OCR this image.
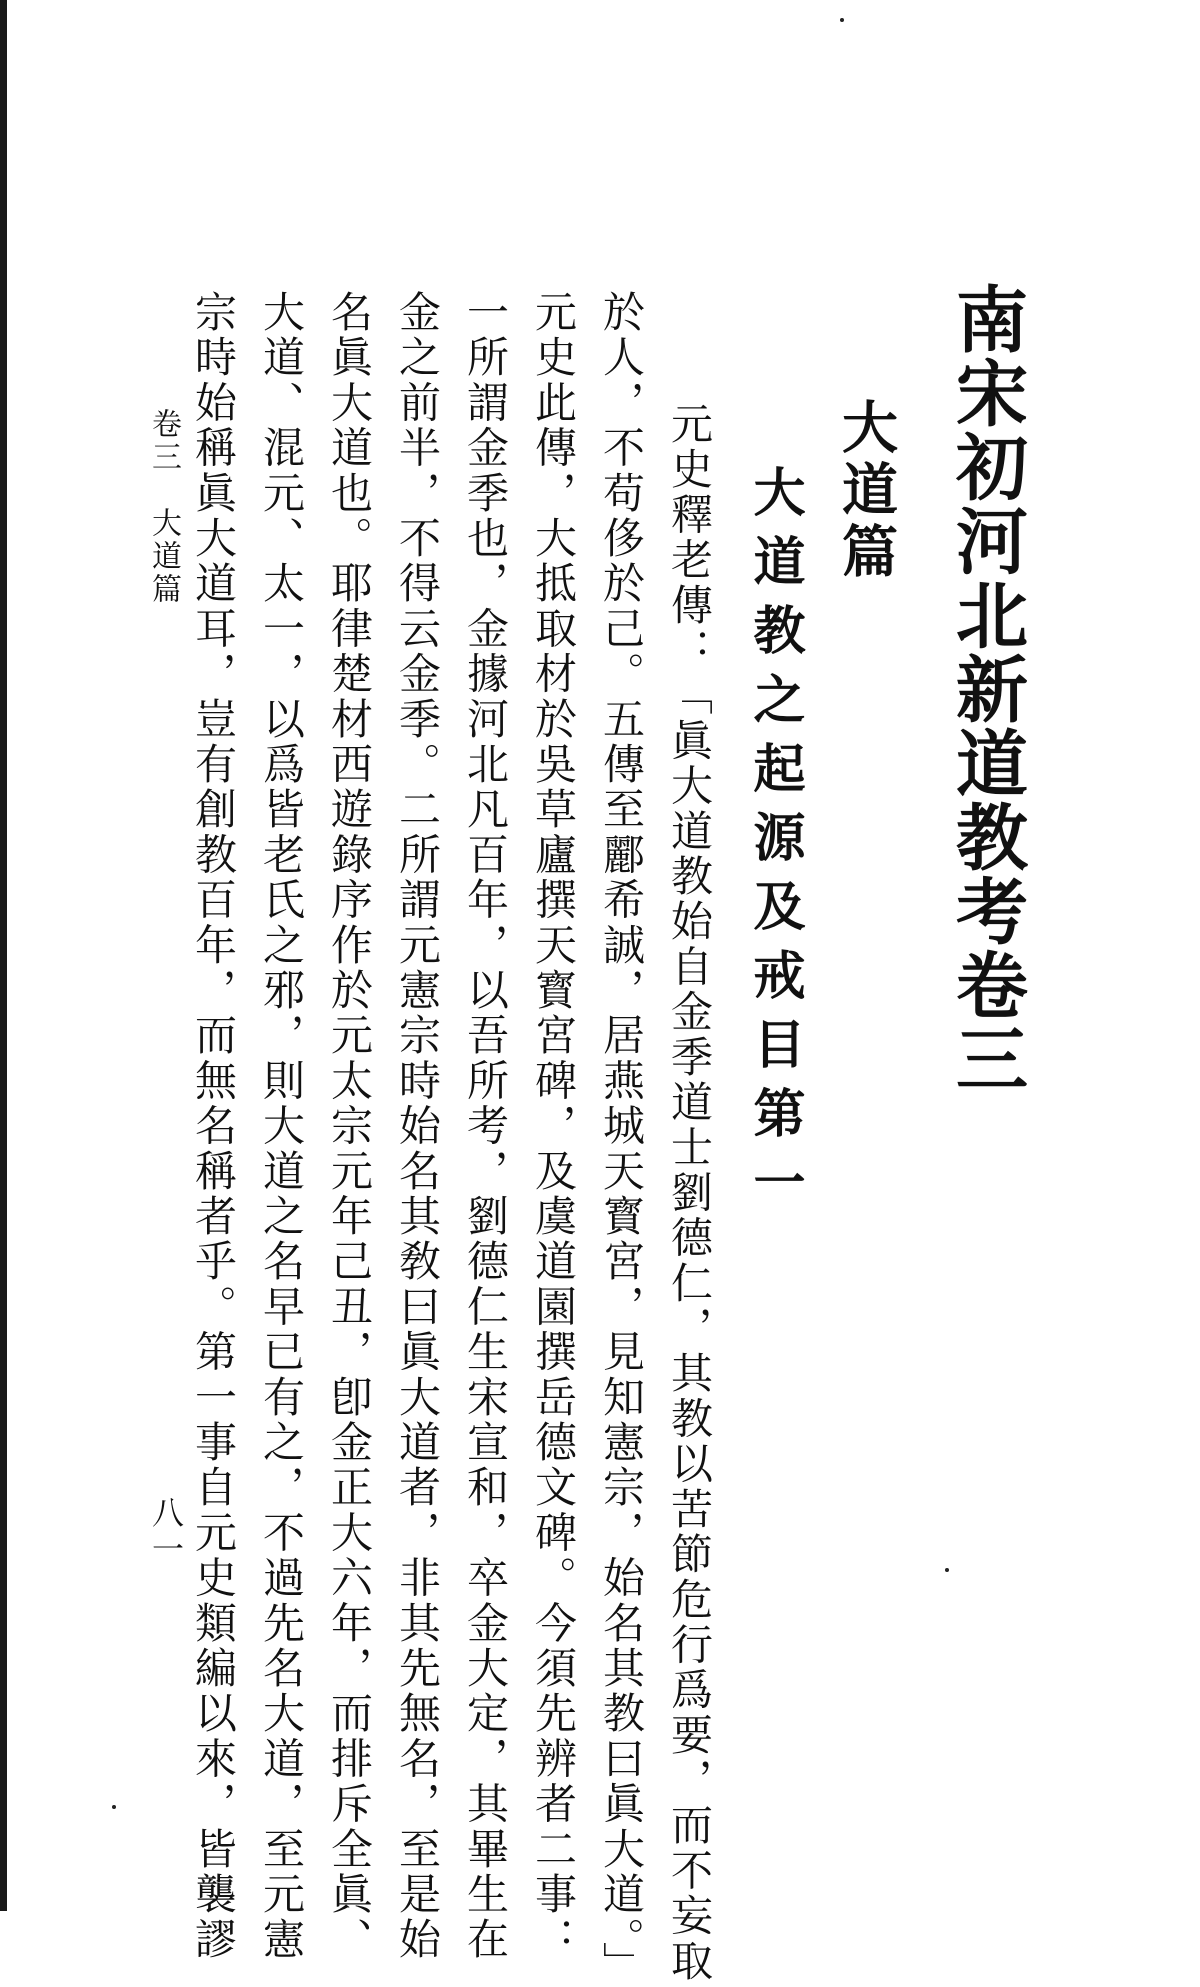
南宋初河北新道教考卷三
大道篇
大道教之起源及戒目第一
元史釋老傳：「眞大道教始自金季道士劉德仁，其教以苦節危行爲要，而不妄取
於人，不苟侈於己。五傳至酈希誠，居燕城天寳宮，見知憲宗，始名其教曰眞大道。」
元史此傳，大抵取材於吳草廬撰天寳宮碑，及虞道園撰岳德文碑。今須先辨者二事：
一所謂金季也，金據河北凡百年，以吾所考，劉德仁生宋宣和，卒金大定，其畢生在
金之前半，不得云金季。二所謂元憲宗時始名其敎曰眞大道者，非其先無名，至是始
名眞大道也。耶律楚材西遊錄序作於元太宗元年己丑，卽金正大六年，而排斥全眞、
大道、混元、太一，以爲皆老氏之邪，則大道之名早已有之，不過先名大道，至元憲
宗時始稱眞大道耳，豈有創教百年，而無名稱者乎。第一事自元史類編以來，皆襲謬
卷三　大道篇
八一
